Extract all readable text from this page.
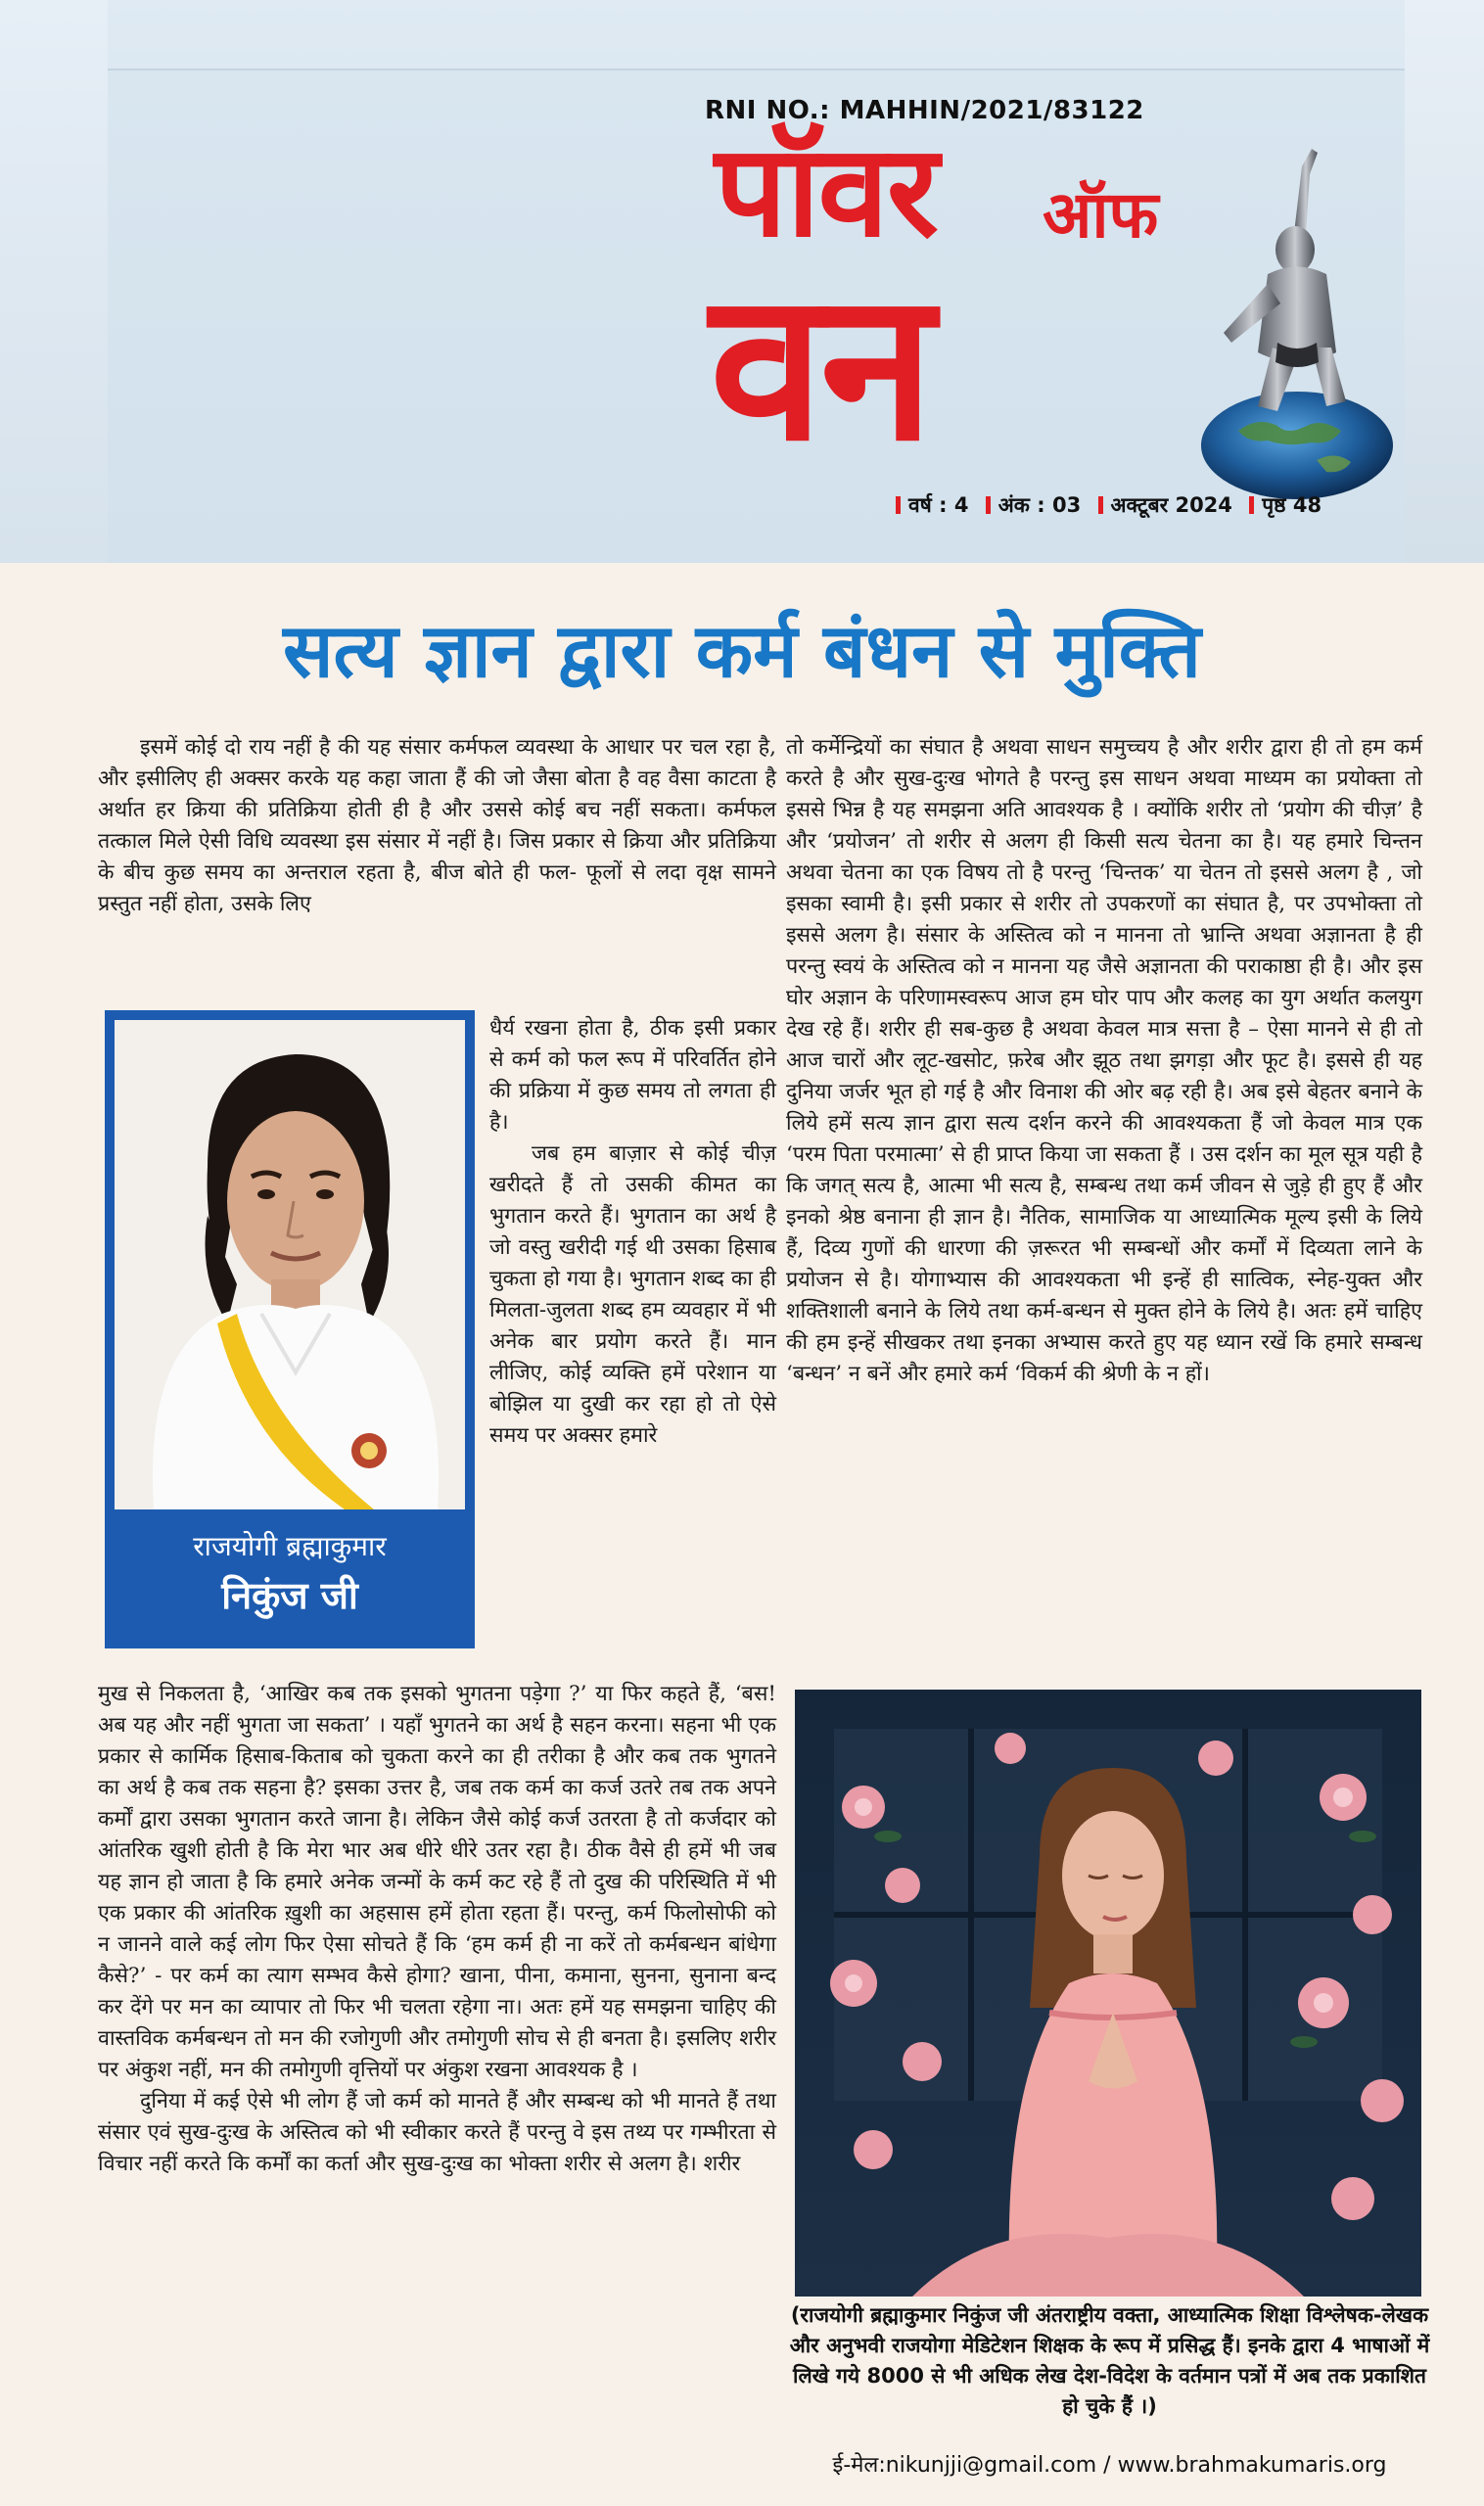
RNI NO.: MAHHIN/2021/83122
पॉवर ऑफ
वन
वर्ष : 4 अंक : 03 अक्टूबर 2024 पृष्ठ 48
सत्य ज्ञान द्वारा कर्म बंधन से मुक्ति

इसमें कोई दो राय नहीं है की यह संसार कर्मफल व्यवस्था के आधार पर चल रहा है, और इसीलिए ही अक्सर करके यह कहा जाता हैं की जो जैसा बोता है वह वैसा काटता है अर्थात हर क्रिया की प्रतिक्रिया होती ही है और उससे कोई बच नहीं सकता। कर्मफल तत्काल मिले ऐसी विधि व्यवस्था इस संसार में नहीं है। जिस प्रकार से क्रिया और प्रतिक्रिया के बीच कुछ समय का अन्तराल रहता है, बीज बोते ही फल- फूलों से लदा वृक्ष सामने प्रस्तुत नहीं होता, उसके लिए

राजयोगी ब्रह्माकुमार
निकुंज जी

धैर्य रखना होता है, ठीक इसी प्रकार से कर्म को फल रूप में परिवर्तित होने की प्रक्रिया में कुछ समय तो लगता ही है।

जब हम बाज़ार से कोई चीज़ खरीदते हैं तो उसकी कीमत का भुगतान करते हैं। भुगतान का अर्थ है जो वस्तु खरीदी गई थी उसका हिसाब चुकता हो गया है। भुगतान शब्द का ही मिलता-जुलता शब्द हम व्यवहार में भी अनेक बार प्रयोग करते हैं। मान लीजिए, कोई व्यक्ति हमें परेशान या बोझिल या दुखी कर रहा हो तो ऐसे समय पर अक्सर हमारे

मुख से निकलता है, ‘आखिर कब तक इसको भुगतना पड़ेगा ?’ या फिर कहते हैं, ‘बस! अब यह और नहीं भुगता जा सकता’ । यहाँ भुगतने का अर्थ है सहन करना। सहना भी एक प्रकार से कार्मिक हिसाब-किताब को चुकता करने का ही तरीका है और कब तक भुगतने का अर्थ है कब तक सहना है? इसका उत्तर है, जब तक कर्म का कर्ज उतरे तब तक अपने कर्मों द्वारा उसका भुगतान करते जाना है। लेकिन जैसे कोई कर्ज उतरता है तो कर्जदार को आंतरिक खुशी होती है कि मेरा भार अब धीरे धीरे उतर रहा है। ठीक वैसे ही हमें भी जब यह ज्ञान हो जाता है कि हमारे अनेक जन्मों के कर्म कट रहे हैं तो दुख की परिस्थिति में भी एक प्रकार की आंतरिक ख़ुशी का अहसास हमें होता रहता हैं। परन्तु, कर्म फिलोसोफी को न जानने वाले कई लोग फिर ऐसा सोचते हैं कि ‘हम कर्म ही ना करें तो कर्मबन्धन बांधेगा कैसे?’ - पर कर्म का त्याग सम्भव कैसे होगा? खाना, पीना, कमाना, सुनना, सुनाना बन्द कर देंगे पर मन का व्यापार तो फिर भी चलता रहेगा ना। अतः हमें यह समझना चाहिए की वास्तविक कर्मबन्धन तो मन की रजोगुणी और तमोगुणी सोच से ही बनता है। इसलिए शरीर पर अंकुश नहीं, मन की तमोगुणी वृत्तियों पर अंकुश रखना आवश्यक है ।

दुनिया में कई ऐसे भी लोग हैं जो कर्म को मानते हैं और सम्बन्ध को भी मानते हैं तथा संसार एवं सुख-दुःख के अस्तित्व को भी स्वीकार करते हैं परन्तु वे इस तथ्य पर गम्भीरता से विचार नहीं करते कि कर्मों का कर्ता और सुख-दुःख का भोक्ता शरीर से अलग है। शरीर

तो कर्मेन्द्रियों का संघात है अथवा साधन समुच्चय है और शरीर द्वारा ही तो हम कर्म करते है और सुख-दुःख भोगते है परन्तु इस साधन अथवा माध्यम का प्रयोक्ता तो इससे भिन्न है यह समझना अति आवश्यक है । क्योंकि शरीर तो ‘प्रयोग की चीज़’ है और ‘प्रयोजन’ तो शरीर से अलग ही किसी सत्य चेतना का है। यह हमारे चिन्तन अथवा चेतना का एक विषय तो है परन्तु ‘चिन्तक’ या चेतन तो इससे अलग है , जो इसका स्वामी है। इसी प्रकार से शरीर तो उपकरणों का संघात है, पर उपभोक्ता तो इससे अलग है। संसार के अस्तित्व को न मानना तो भ्रान्ति अथवा अज्ञानता है ही परन्तु स्वयं के अस्तित्व को न मानना यह जैसे अज्ञानता की पराकाष्ठा ही है। और इस घोर अज्ञान के परिणामस्वरूप आज हम घोर पाप और कलह का युग अर्थात कलयुग देख रहे हैं। शरीर ही सब-कुछ है अथवा केवल मात्र सत्ता है – ऐसा मानने से ही तो आज चारों और लूट-खसोट, फ़रेब और झूठ तथा झगड़ा और फूट है। इससे ही यह दुनिया जर्जर भूत हो गई है और विनाश की ओर बढ़ रही है। अब इसे बेहतर बनाने के लिये हमें सत्य ज्ञान द्वारा सत्य दर्शन करने की आवश्यकता हैं जो केवल मात्र एक ‘परम पिता परमात्मा’ से ही प्राप्त किया जा सकता हैं । उस दर्शन का मूल सूत्र यही है कि जगत् सत्य है, आत्मा भी सत्य है, सम्बन्ध तथा कर्म जीवन से जुड़े ही हुए हैं और इनको श्रेष्ठ बनाना ही ज्ञान है। नैतिक, सामाजिक या आध्यात्मिक मूल्य इसी के लिये हैं, दिव्य गुणों की धारणा की ज़रूरत भी सम्बन्धों और कर्मों में दिव्यता लाने के प्रयोजन से है। योगाभ्यास की आवश्यकता भी इन्हें ही सात्विक, स्नेह-युक्त और शक्तिशाली बनाने के लिये तथा कर्म-बन्धन से मुक्त होने के लिये है। अतः हमें चाहिए की हम इन्हें सीखकर तथा इनका अभ्यास करते हुए यह ध्यान रखें कि हमारे सम्बन्ध ‘बन्धन’ न बनें और हमारे कर्म ‘विकर्म की श्रेणी के न हों।

(राजयोगी ब्रह्माकुमार निकुंज जी अंतराष्ट्रीय वक्ता, आध्यात्मिक शिक्षा विश्लेषक-लेखक और अनुभवी राजयोगा मेडिटेशन शिक्षक के रूप में प्रसिद्ध हैं। इनके द्वारा 4 भाषाओं में लिखे गये 8000 से भी अधिक लेख देश-विदेश के वर्तमान पत्रों में अब तक प्रकाशित हो चुके हैं ।)
ई-मेल:nikunjji@gmail.com / www.brahmakumaris.org
